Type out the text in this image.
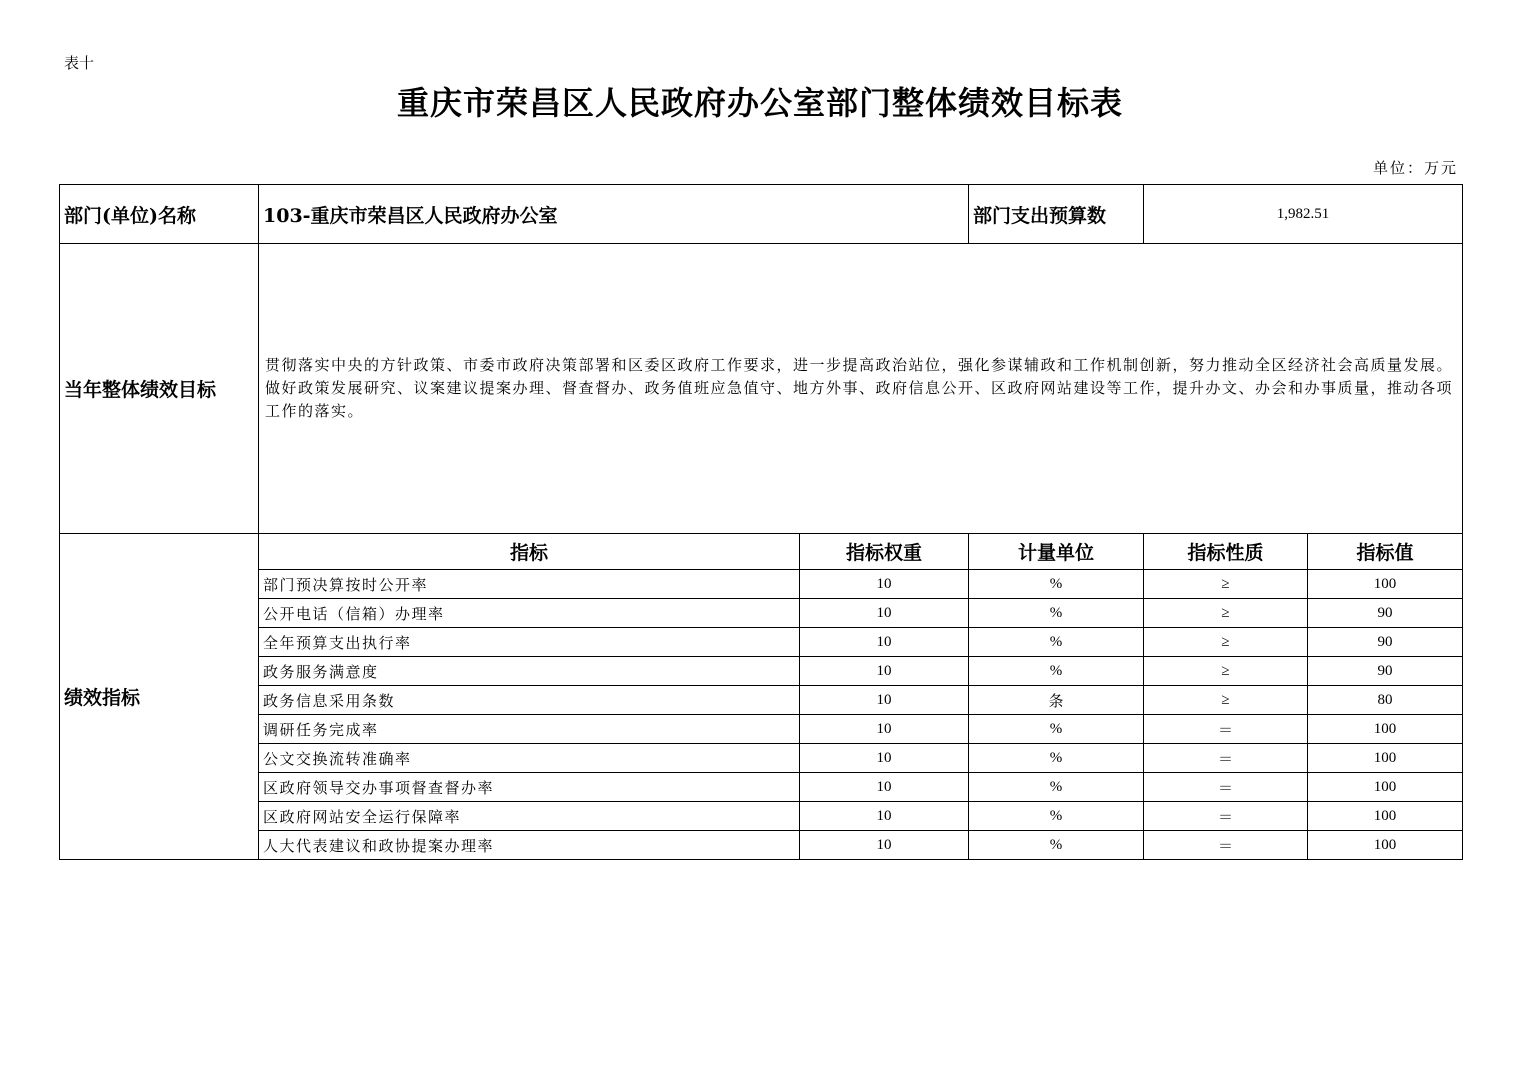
表十
重庆市荣昌区人民政府办公室部门整体绩效目标表
单位：万元
部门(单位)名称	103-重庆市荣昌区人民政府办公室		部门支出预算数	1,982.51	
当年整体绩效目标	贯彻落实中央的方针政策、市委市政府决策部署和区委区政府工作要求，进一步提高政治站位，强化参谋辅政和工作机制创新，努力推动全区经济社会高质量发展。做好政策发展研究、议案建议提案办理、督查督办、政务值班应急值守、地方外事、政府信息公开、区政府网站建设等工作，提升办文、办会和办事质量，推动各项工作的落实。				
绩效指标	指标	指标权重	计量单位	指标性质	指标值
	部门预决算按时公开率	10	%	≥	100
	公开电话（信箱）办理率	10	%	≥	90
	全年预算支出执行率	10	%	≥	90
	政务服务满意度	10	%	≥	90
	政务信息采用条数	10	条	≥	80
	调研任务完成率	10	%	＝	100
	公文交换流转准确率	10	%	＝	100
	区政府领导交办事项督查督办率	10	%	＝	100
	区政府网站安全运行保障率	10	%	＝	100
	人大代表建议和政协提案办理率	10	%	＝	100
